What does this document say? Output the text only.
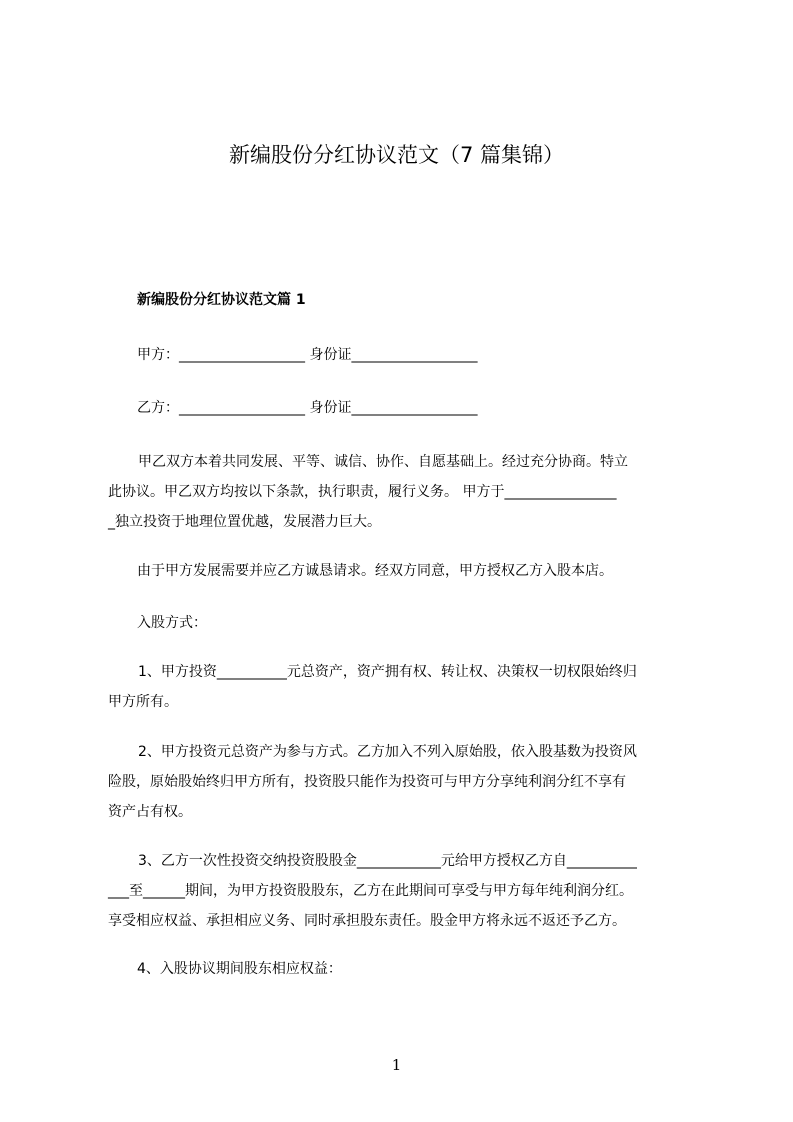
新编股份分红协议范文（7 篇集锦）
新编股份分红协议范文篇 1
甲方：__________________ 身份证__________________
乙方：__________________ 身份证__________________
甲乙双方本着共同发展、平等、诚信、协作、自愿基础上。经过充分协商。特立
此协议。甲乙双方均按以下条款，执行职责，履行义务。 甲方于________________
_独立投资于地理位置优越，发展潜力巨大。
由于甲方发展需要并应乙方诚恳请求。经双方同意，甲方授权乙方入股本店。
入股方式：
1、甲方投资__________元总资产，资产拥有权、转让权、决策权一切权限始终归
甲方所有。
2、甲方投资元总资产为参与方式。乙方加入不列入原始股，依入股基数为投资风
险股，原始股始终归甲方所有，投资股只能作为投资可与甲方分享纯利润分红不享有
资产占有权。
3、乙方一次性投资交纳投资股股金____________元给甲方授权乙方自__________
___至______期间，为甲方投资股股东，乙方在此期间可享受与甲方每年纯利润分红。
享受相应权益、承担相应义务、同时承担股东责任。股金甲方将永远不返还予乙方。
4、入股协议期间股东相应权益：
1
